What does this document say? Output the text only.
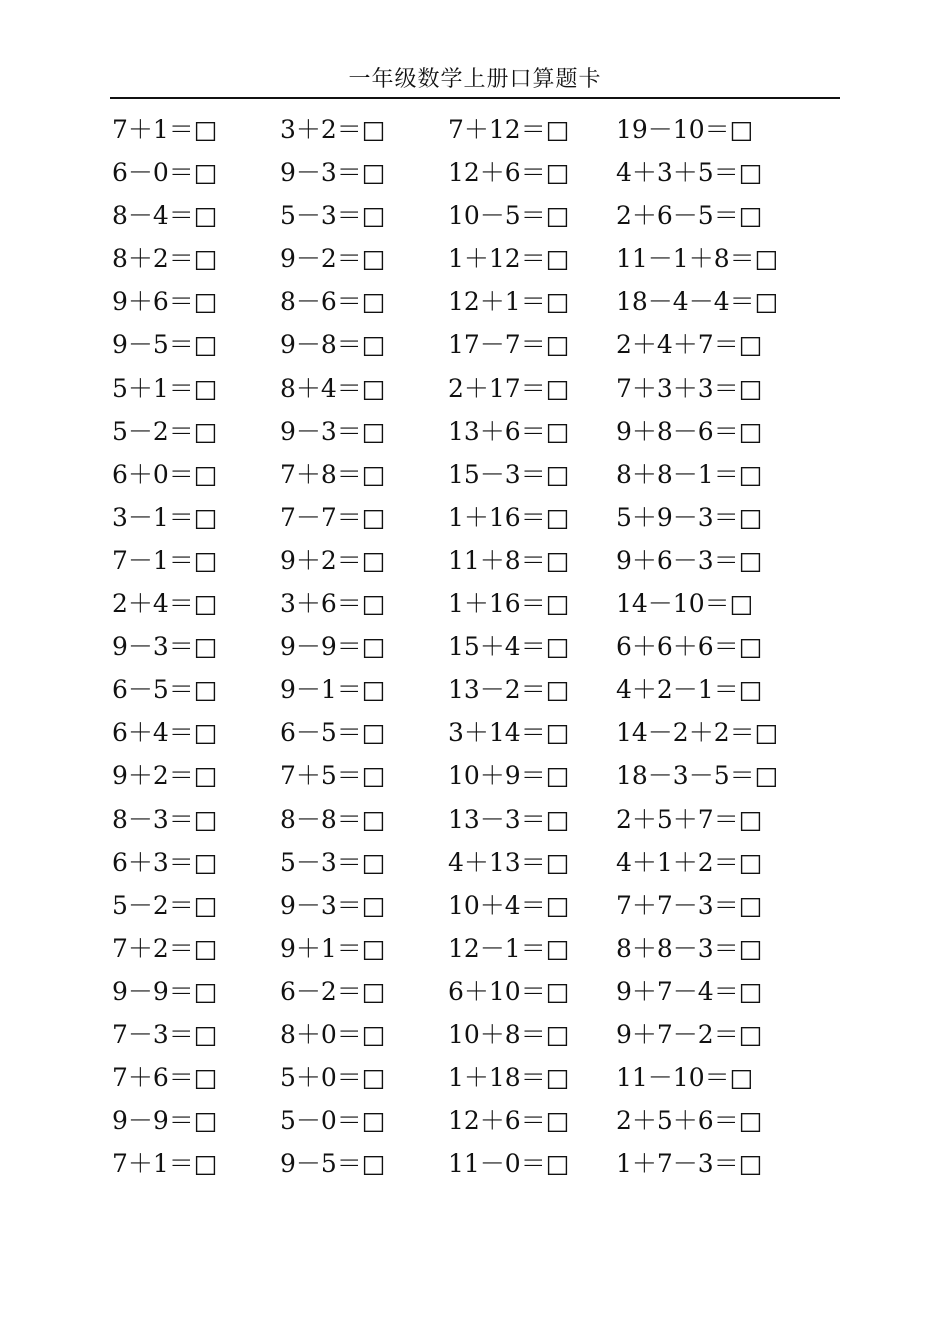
一年级数学上册口算题卡
7＋1＝□	3＋2＝□	7＋12＝□	19－10＝□
6－0＝□	9－3＝□	12＋6＝□	4＋3＋5＝□
8－4＝□	5－3＝□	10－5＝□	2＋6－5＝□
8＋2＝□	9－2＝□	1＋12＝□	11－1＋8＝□
9＋6＝□	8－6＝□	12＋1＝□	18－4－4＝□
9－5＝□	9－8＝□	17－7＝□	2＋4＋7＝□
5＋1＝□	8＋4＝□	2＋17＝□	7＋3＋3＝□
5－2＝□	9－3＝□	13＋6＝□	9＋8－6＝□
6＋0＝□	7＋8＝□	15－3＝□	8＋8－1＝□
3－1＝□	7－7＝□	1＋16＝□	5＋9－3＝□
7－1＝□	9＋2＝□	11＋8＝□	9＋6－3＝□
2＋4＝□	3＋6＝□	1＋16＝□	14－10＝□
9－3＝□	9－9＝□	15＋4＝□	6＋6＋6＝□
6－5＝□	9－1＝□	13－2＝□	4＋2－1＝□
6＋4＝□	6－5＝□	3＋14＝□	14－2＋2＝□
9＋2＝□	7＋5＝□	10＋9＝□	18－3－5＝□
8－3＝□	8－8＝□	13－3＝□	2＋5＋7＝□
6＋3＝□	5－3＝□	4＋13＝□	4＋1＋2＝□
5－2＝□	9－3＝□	10＋4＝□	7＋7－3＝□
7＋2＝□	9＋1＝□	12－1＝□	8＋8－3＝□
9－9＝□	6－2＝□	6＋10＝□	9＋7－4＝□
7－3＝□	8＋0＝□	10＋8＝□	9＋7－2＝□
7＋6＝□	5＋0＝□	1＋18＝□	11－10＝□
9－9＝□	5－0＝□	12＋6＝□	2＋5＋6＝□
7＋1＝□	9－5＝□	11－0＝□	1＋7－3＝□
